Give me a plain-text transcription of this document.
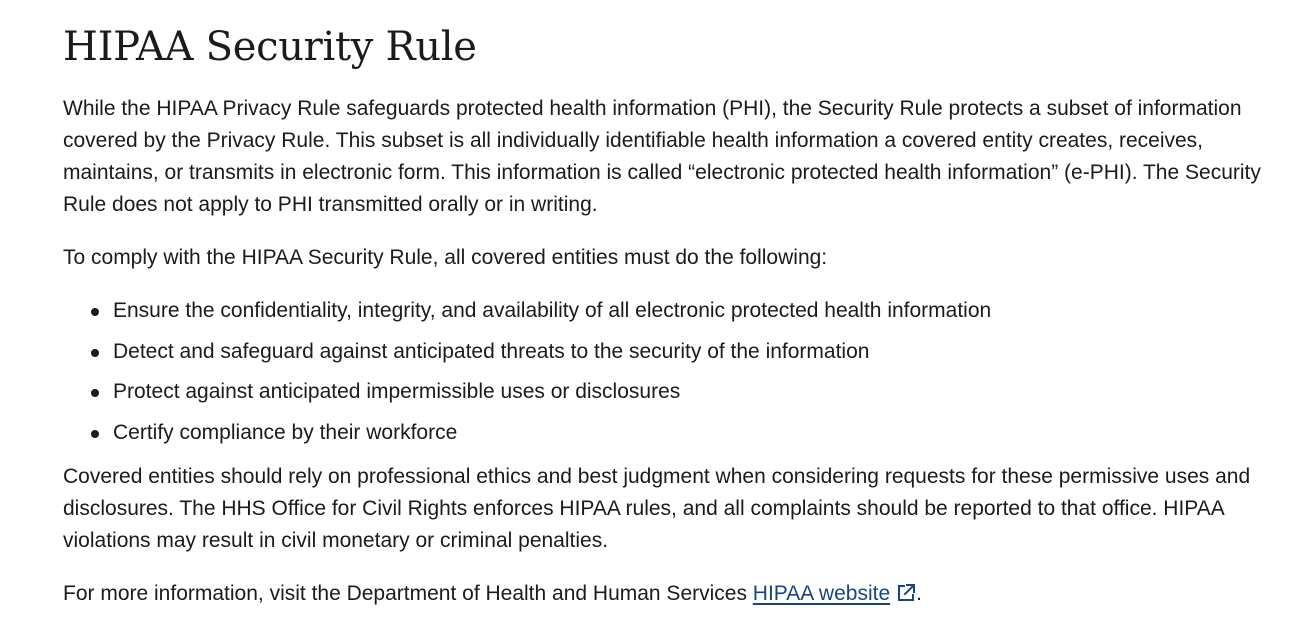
HIPAA Security Rule

While the HIPAA Privacy Rule safeguards protected health information (PHI), the Security Rule protects a subset of information covered by the Privacy Rule. This subset is all individually identifiable health information a covered entity creates, receives, maintains, or transmits in electronic form. This information is called “electronic protected health information” (e-PHI). The Security Rule does not apply to PHI transmitted orally or in writing.

To comply with the HIPAA Security Rule, all covered entities must do the following:

Ensure the confidentiality, integrity, and availability of all electronic protected health information
Detect and safeguard against anticipated threats to the security of the information
Protect against anticipated impermissible uses or disclosures
Certify compliance by their workforce

Covered entities should rely on professional ethics and best judgment when considering requests for these permissive uses and disclosures. The HHS Office for Civil Rights enforces HIPAA rules, and all complaints should be reported to that office. HIPAA violations may result in civil monetary or criminal penalties.

For more information, visit the Department of Health and Human Services HIPAA website .
